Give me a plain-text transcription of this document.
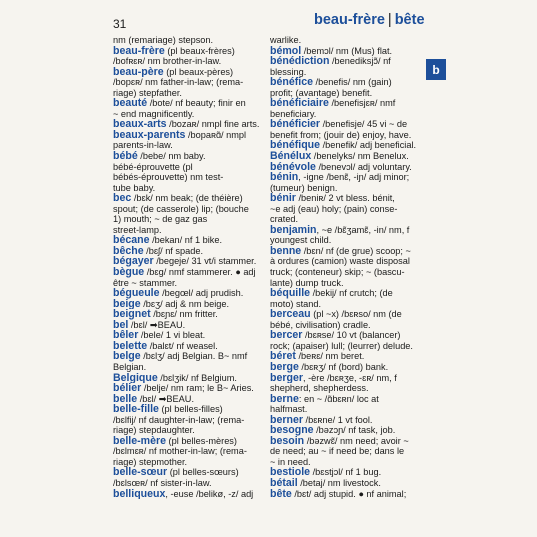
31	beau-frère | bête
b
nm (remariage) stepson.
beau-frère (pl beaux-frères)
/bofʀɛʀ/ nm brother-in-law.
beau-père (pl beaux-pères)
/bopɛʀ/ nm father-in-law; (rema-
riage) stepfather.
beauté /bote/ nf beauty; finir en
~ end magnificently.
beaux-arts /bozaʀ/ nmpl fine arts.
beaux-parents /bopaʀɑ̃/ nmpl
parents-in-law.
bébé /bebe/ nm baby.
bébé-éprouvette (pl
bébés-éprouvette) nm test-
tube baby.
bec /bɛk/ nm beak; (de théière)
spout; (de casserole) lip; (bouche
1) mouth; ~ de gaz gas
street-lamp.
bécane /bekan/ nf 1 bike.
bêche /bɛʃ/ nf spade.
bégayer /begeje/ 31 vt/i stammer.
bègue /bɛg/ nmf stammerer. ● adj
être ~ stammer.
bégueule /begœl/ adj prudish.
beige /bɛʒ/ adj & nm beige.
beignet /bɛɲɛ/ nm fritter.
bel /bɛl/ ➡BEAU.
bêler /bele/ 1 vi bleat.
belette /balɛt/ nf weasel.
belge /bɛlʒ/ adj Belgian. B~ nmf
Belgian.
Belgique /bɛlʒik/ nf Belgium.
bélier /belje/ nm ram; le B~ Aries.
belle /bɛl/ ➡BEAU.
belle-fille (pl belles-filles)
/bɛlfij/ nf daughter-in-law; (rema-
riage) stepdaughter.
belle-mère (pl belles-mères)
/bɛlmɛʀ/ nf mother-in-law; (rema-
riage) stepmother.
belle-sœur (pl belles-sœurs)
/bɛlsœʀ/ nf sister-in-law.
belliqueux, -euse /belikø, -z/ adj
warlike.
bémol /bemɔl/ nm (Mus) flat.
bénédiction /benediksjɔ̃/ nf
blessing.
bénéfice /benefis/ nm (gain)
profit; (avantage) benefit.
bénéficiaire /benefisjɛʀ/ nmf
beneficiary.
bénéficier /benefisje/ 45 vi ~ de
benefit from; (jouir de) enjoy, have.
bénéfique /benefik/ adj beneficial.
Bénélux /benelyks/ nm Benelux.
bénévole /benevɔl/ adj voluntary.
bénin, -igne /benɛ̃, -iɲ/ adj minor;
(tumeur) benign.
bénir /beniʀ/ 2 vt bless. bénit,
~e adj (eau) holy; (pain) conse-
crated.
benjamin, ~e /bɛ̃ʒamɛ̃, -in/ nm, f
youngest child.
benne /bɛn/ nf (de grue) scoop; ~
à ordures (camion) waste disposal
truck; (conteneur) skip; ~ (bascu-
lante) dump truck.
béquille /bekij/ nf crutch; (de
moto) stand.
berceau (pl ~x) /bɛʀso/ nm (de
bébé, civilisation) cradle.
bercer /bɛʀse/ 10 vt (balancer)
rock; (apaiser) lull; (leurrer) delude.
béret /beʀɛ/ nm beret.
berge /bɛʀʒ/ nf (bord) bank.
berger, -ère /bɛʀʒe, -ɛʀ/ nm, f
shepherd, shepherdess.
berne: en ~ /ɑ̃bɛʀn/ loc at
halfmast.
berner /bɛʀne/ 1 vt fool.
besogne /bəzɔɲ/ nf task, job.
besoin /bəzwɛ̃/ nm need; avoir ~
de need; au ~ if need be; dans le
~ in need.
bestiole /bɛstjɔl/ nf 1 bug.
bétail /betaj/ nm livestock.
bête /bɛt/ adj stupid. ● nf animal;
